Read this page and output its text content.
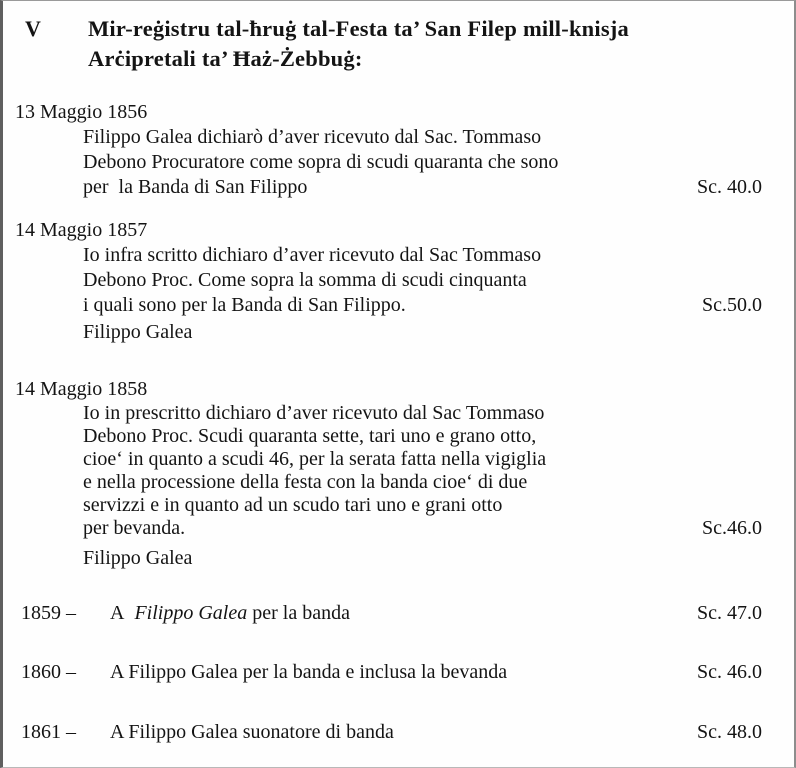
V	Mir-reġistru tal-ħruġ tal-Festa ta’ San Filep mill-knisja
Arċipretali ta’ Ħaż-Żebbuġ:
13 Maggio 1856
Filippo Galea dichiarò d’aver ricevuto dal Sac. Tommaso
Debono Procuratore come sopra di scudi quaranta che sono
per  la Banda di San Filippo	Sc. 40.0
14 Maggio 1857
Io infra scritto dichiaro d’aver ricevuto dal Sac Tommaso
Debono Proc. Come sopra la somma di scudi cinquanta
i quali sono per la Banda di San Filippo.	Sc.50.0
Filippo Galea
14 Maggio 1858
Io in prescritto dichiaro d’aver ricevuto dal Sac Tommaso
Debono Proc. Scudi quaranta sette, tari uno e grano otto,
cioe‘ in quanto a scudi 46, per la serata fatta nella vigiglia
e nella processione della festa con la banda cioe‘ di due
servizzi e in quanto ad un scudo tari uno e grani otto
per bevanda.	Sc.46.0
Filippo Galea
1859 –	A  Filippo Galea per la banda	Sc. 47.0
1860 –	A Filippo Galea per la banda e inclusa la bevanda	Sc. 46.0
1861 –	A Filippo Galea suonatore di banda	Sc. 48.0
